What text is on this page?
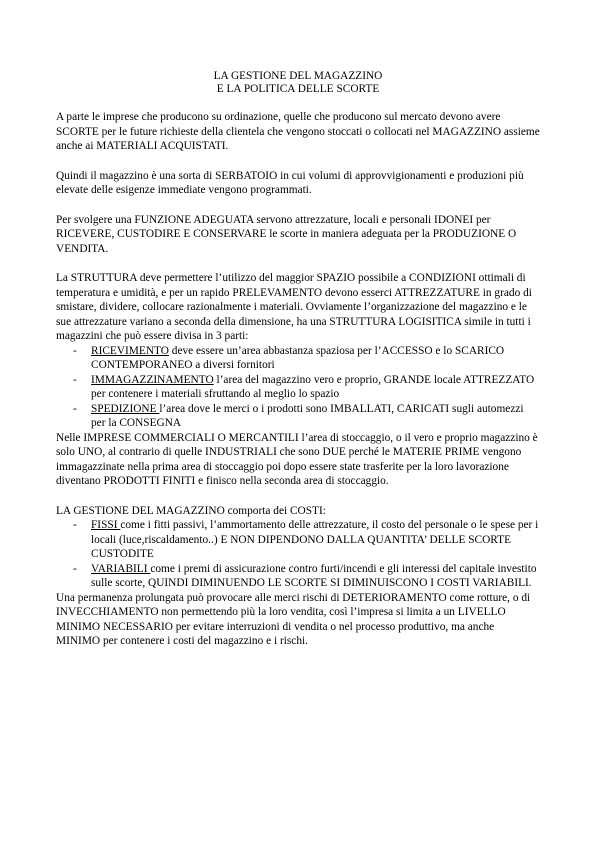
LA GESTIONE DEL MAGAZZINO
E LA POLITICA DELLE SCORTE

A parte le imprese che producono su ordinazione, quelle che producono sul mercato devono avere SCORTE per le future richieste della clientela che vengono stoccati o collocati nel MAGAZZINO assieme anche ai MATERIALI ACQUISTATI.

Quindi il magazzino è una sorta di SERBATOIO in cui volumi di approvvigionamenti e produzioni più elevate delle esigenze immediate vengono programmati.

Per svolgere una FUNZIONE ADEGUATA servono attrezzature, locali e personali IDONEI per RICEVERE, CUSTODIRE E CONSERVARE le scorte in maniera adeguata per la PRODUZIONE O VENDITA.

La STRUTTURA deve permettere l’utilizzo del maggior SPAZIO possibile a CONDIZIONI ottimali di temperatura e umidità, e per un rapido PRELEVAMENTO devono esserci ATTREZZATURE in grado di smistare, dividere, collocare razionalmente i materiali. Ovviamente l’organizzazione del magazzino e le sue attrezzature variano a seconda della dimensione, ha una STRUTTURA LOGISITICA simile in tutti i magazzini che può essere divisa in 3 parti:

- RICEVIMENTO deve essere un’area abbastanza spaziosa per l’ACCESSO e lo SCARICO CONTEMPORANEO a diversi fornitori
- IMMAGAZZINAMENTO l’area del magazzino vero e proprio, GRANDE locale ATTREZZATO per contenere i materiali sfruttando al meglio lo spazio
- SPEDIZIONE l’area dove le merci o i prodotti sono IMBALLATI, CARICATI sugli automezzi per la CONSEGNA

Nelle IMPRESE COMMERCIALI O MERCANTILI l’area di stoccaggio, o il vero e proprio magazzino è solo UNO, al contrario di quelle INDUSTRIALI che sono DUE perché le MATERIE PRIME vengono immagazzinate nella prima area di stoccaggio poi dopo essere state trasferite per la loro lavorazione diventano PRODOTTI FINITI e finisco nella seconda area di stoccaggio.

LA GESTIONE DEL MAGAZZINO comporta dei COSTI:

- FISSI come i fitti passivi, l’ammortamento delle attrezzature, il costo del personale o le spese per i locali (luce,riscaldamento..) E NON DIPENDONO DALLA QUANTITA’ DELLE SCORTE CUSTODITE
- VARIABILI come i premi di assicurazione contro furti/incendi e gli interessi del capitale investito sulle scorte, QUINDI DIMINUENDO LE SCORTE SI DIMINUISCONO I COSTI VARIABILI.

Una permanenza prolungata può provocare alle merci rischi di DETERIORAMENTO come rotture, o di INVECCHIAMENTO non permettendo più la loro vendita, così l’impresa si limita a un LIVELLO MINIMO NECESSARIO per evitare interruzioni di vendita o nel processo produttivo, ma anche MINIMO per contenere i costi del magazzino e i rischi.
